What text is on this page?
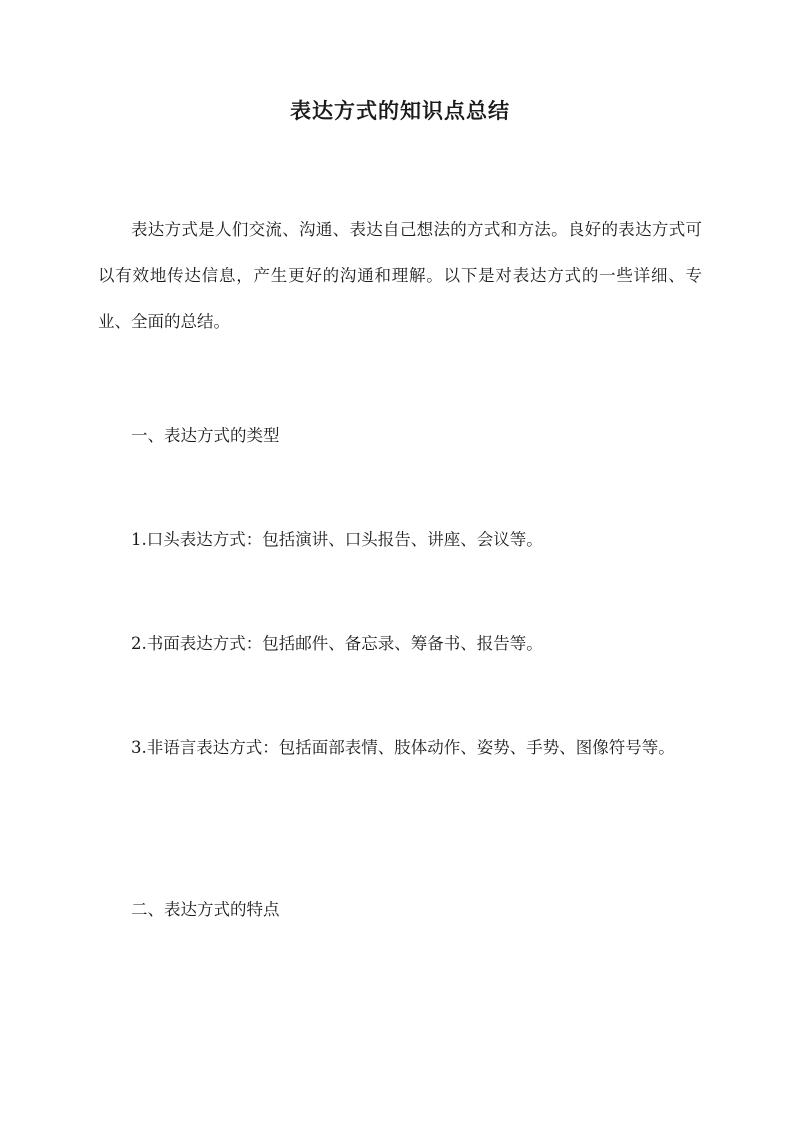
表达方式的知识点总结

表达方式是人们交流、沟通、表达自己想法的方式和方法。良好的表达方式可以有效地传达信息，产生更好的沟通和理解。以下是对表达方式的一些详细、专业、全面的总结。

一、表达方式的类型

1.口头表达方式：包括演讲、口头报告、讲座、会议等。

2.书面表达方式：包括邮件、备忘录、筹备书、报告等。

3.非语言表达方式：包括面部表情、肢体动作、姿势、手势、图像符号等。

二、表达方式的特点
